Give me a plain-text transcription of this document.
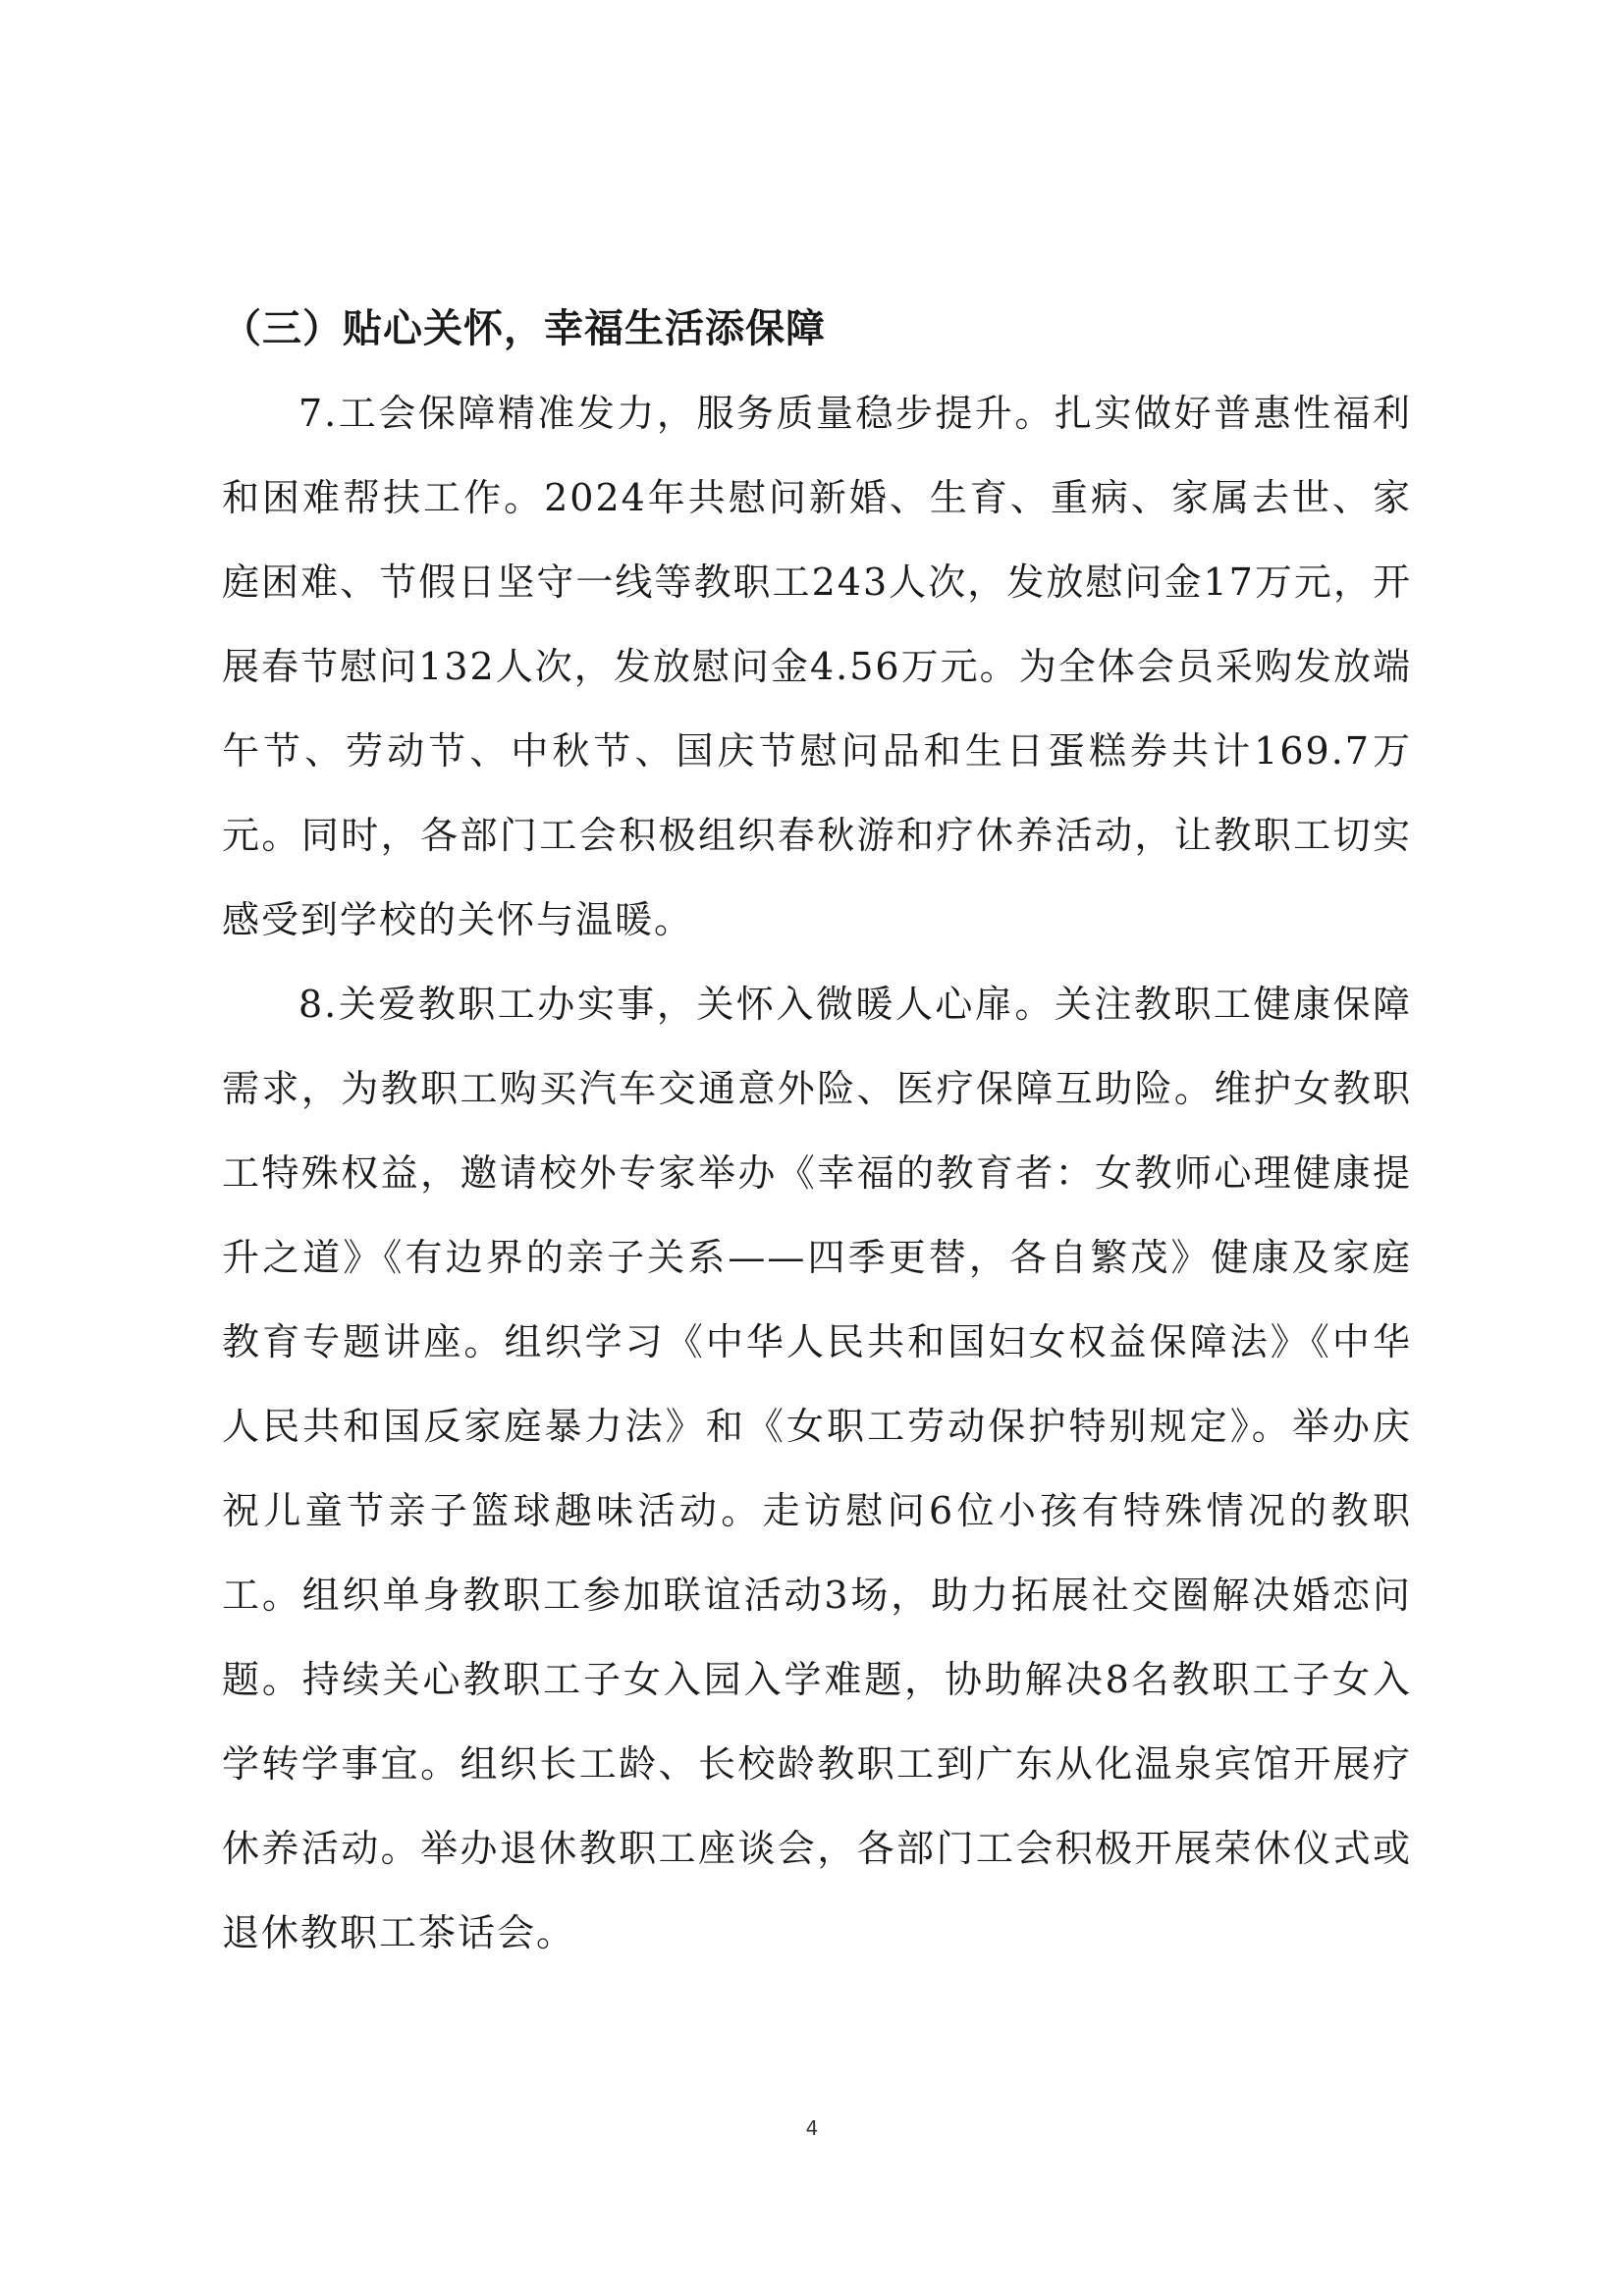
（三）贴心关怀，幸福生活添保障

7.工会保障精准发力，服务质量稳步提升。扎实做好普惠性福利和困难帮扶工作。2024年共慰问新婚、生育、重病、家属去世、家庭困难、节假日坚守一线等教职工243人次，发放慰问金17万元，开展春节慰问132人次，发放慰问金4.56万元。为全体会员采购发放端午节、劳动节、中秋节、国庆节慰问品和生日蛋糕券共计169.7万元。同时，各部门工会积极组织春秋游和疗休养活动，让教职工切实感受到学校的关怀与温暖。

8.关爱教职工办实事，关怀入微暖人心扉。关注教职工健康保障需求，为教职工购买汽车交通意外险、医疗保障互助险。维护女教职工特殊权益，邀请校外专家举办《幸福的教育者：女教师心理健康提升之道》《有边界的亲子关系——四季更替，各自繁茂》健康及家庭教育专题讲座。组织学习《中华人民共和国妇女权益保障法》《中华人民共和国反家庭暴力法》和《女职工劳动保护特别规定》。举办庆祝儿童节亲子篮球趣味活动。走访慰问6位小孩有特殊情况的教职工。组织单身教职工参加联谊活动3场，助力拓展社交圈解决婚恋问题。持续关心教职工子女入园入学难题，协助解决8名教职工子女入学转学事宜。组织长工龄、长校龄教职工到广东从化温泉宾馆开展疗休养活动。举办退休教职工座谈会，各部门工会积极开展荣休仪式或退休教职工茶话会。

4
